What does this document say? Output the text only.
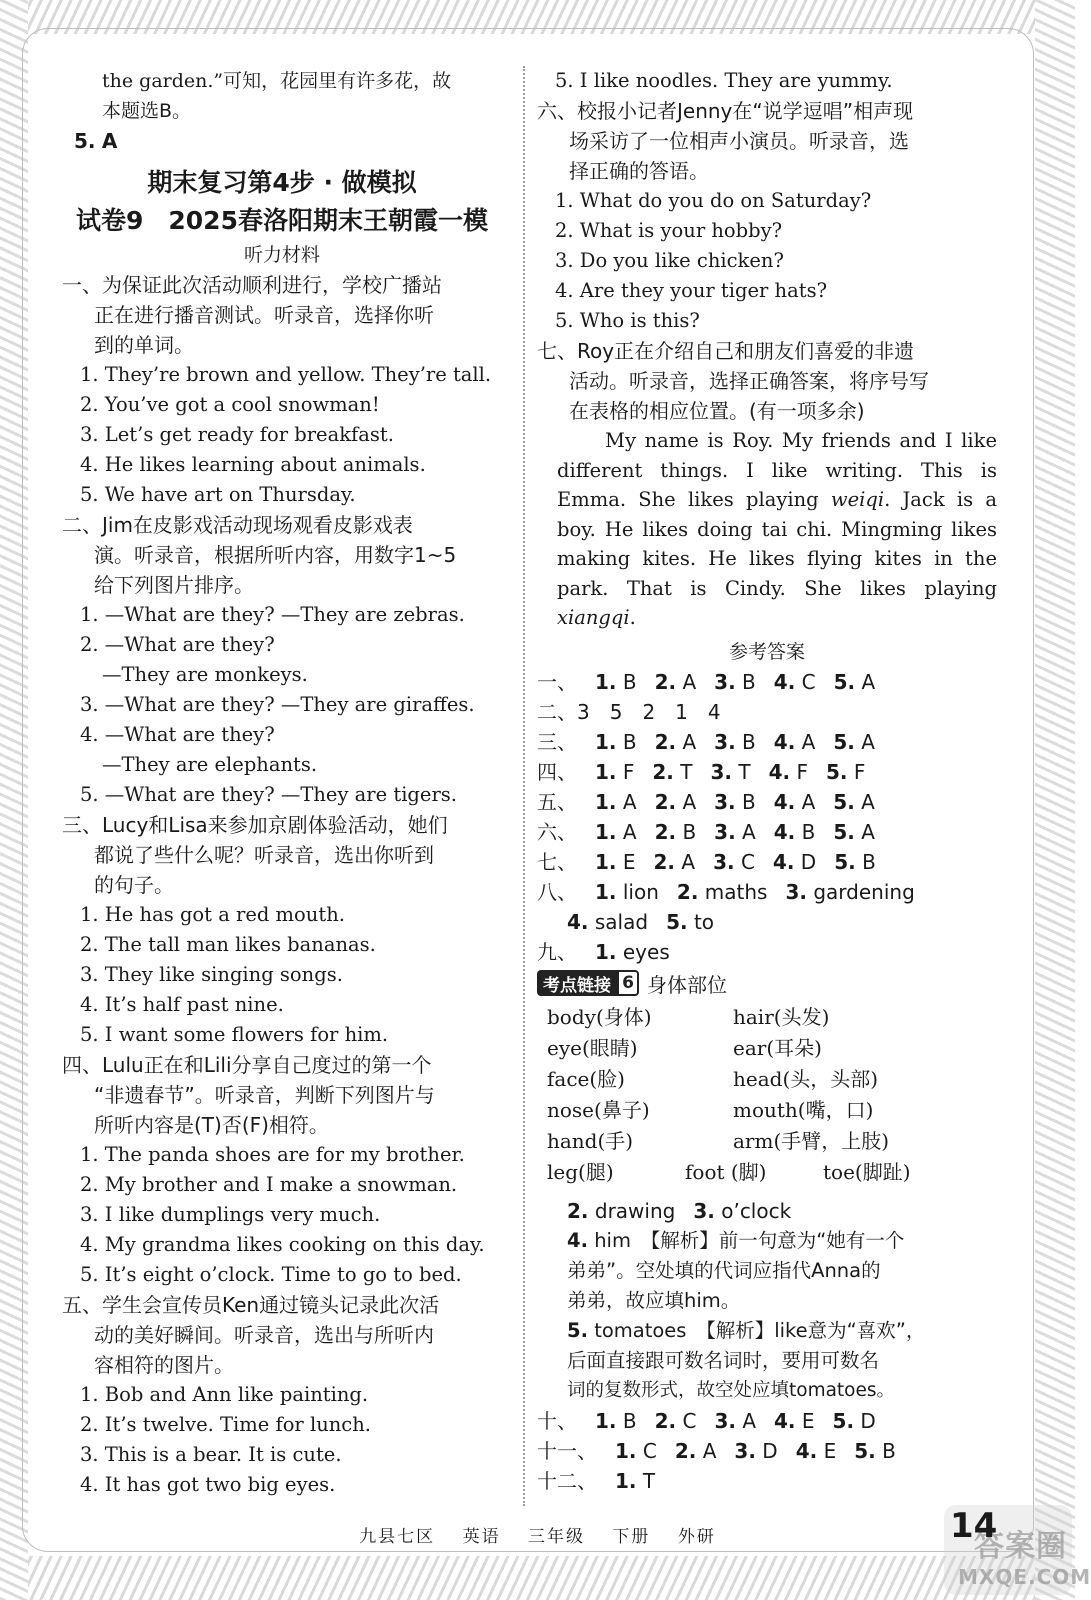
the garden.”可知，花园里有许多花，故
本题选B。
5. A
期末复习第4步 · 做模拟
试卷9　2025春洛阳期末王朝霞一模
听力材料
一、为保证此次活动顺利进行，学校广播站
正在进行播音测试。听录音，选择你听
到的单词。
1. They’re brown and yellow. They’re tall.
2. You’ve got a cool snowman!
3. Let’s get ready for breakfast.
4. He likes learning about animals.
5. We have art on Thursday.
二、Jim在皮影戏活动现场观看皮影戏表
演。听录音，根据所听内容，用数字1~5
给下列图片排序。
1. —What are they? —They are zebras.
2. —What are they?
—They are monkeys.
3. —What are they? —They are giraffes.
4. —What are they?
—They are elephants.
5. —What are they? —They are tigers.
三、Lucy和Lisa来参加京剧体验活动，她们
都说了些什么呢？听录音，选出你听到
的句子。
1. He has got a red mouth.
2. The tall man likes bananas.
3. They like singing songs.
4. It’s half past nine.
5. I want some flowers for him.
四、Lulu正在和Lili分享自己度过的第一个
“非遗春节”。听录音，判断下列图片与
所听内容是(T)否(F)相符。
1. The panda shoes are for my brother.
2. My brother and I make a snowman.
3. I like dumplings very much.
4. My grandma likes cooking on this day.
5. It’s eight o’clock. Time to go to bed.
五、学生会宣传员Ken通过镜头记录此次活
动的美好瞬间。听录音，选出与所听内
容相符的图片。
1. Bob and Ann like painting.
2. It’s twelve. Time for lunch.
3. This is a bear. It is cute.
4. It has got two big eyes.
5. I like noodles. They are yummy.
六、校报小记者Jenny在“说学逗唱”相声现
场采访了一位相声小演员。听录音，选
择正确的答语。
1. What do you do on Saturday?
2. What is your hobby?
3. Do you like chicken?
4. Are they your tiger hats?
5. Who is this?
七、Roy正在介绍自己和朋友们喜爱的非遗
活动。听录音，选择正确答案，将序号写
在表格的相应位置。(有一项多余)
My name is Roy. My friends and I like different things. I like writing. This is Emma. She likes playing weiqi. Jack is a boy. He likes doing tai chi. Mingming likes making kites. He likes flying kites in the park. That is Cindy. She likes playing xiangqi.
参考答案
一、 1. B 2. A 3. B 4. C 5. A
二、3　5　2　1　4
三、 1. B 2. A 3. B 4. A 5. A
四、 1. F 2. T 3. T 4. F 5. F
五、 1. A 2. A 3. B 4. A 5. A
六、 1. A 2. B 3. A 4. B 5. A
七、 1. E 2. A 3. C 4. D 5. B
八、 1. lion 2. maths 3. gardening
4. salad 5. to
九、 1. eyes
考点链接 6 身体部位
body(身体)	hair(头发)
eye(眼睛)	ear(耳朵)
face(脸)	head(头，头部)
nose(鼻子)	mouth(嘴，口)
hand(手)	arm(手臂，上肢)
leg(腿)	foot (脚)	toe(脚趾)
2. drawing 3. o’clock
4. him　 【解析】前一句意为“她有一个
弟弟”。空处填的代词应指代Anna的
弟弟，故应填him。
5. tomatoes　 【解析】like意为“喜欢”，
后面直接跟可数名词时，要用可数名
词的复数形式，故空处应填tomatoes。
十、 1. B 2. C 3. A 4. E 5. D
十一、 1. C 2. A 3. D 4. E 5. B
十二、 1. T
九县七区 英语 三年级 下册 外研	答案圈
MXQE.COM
14
